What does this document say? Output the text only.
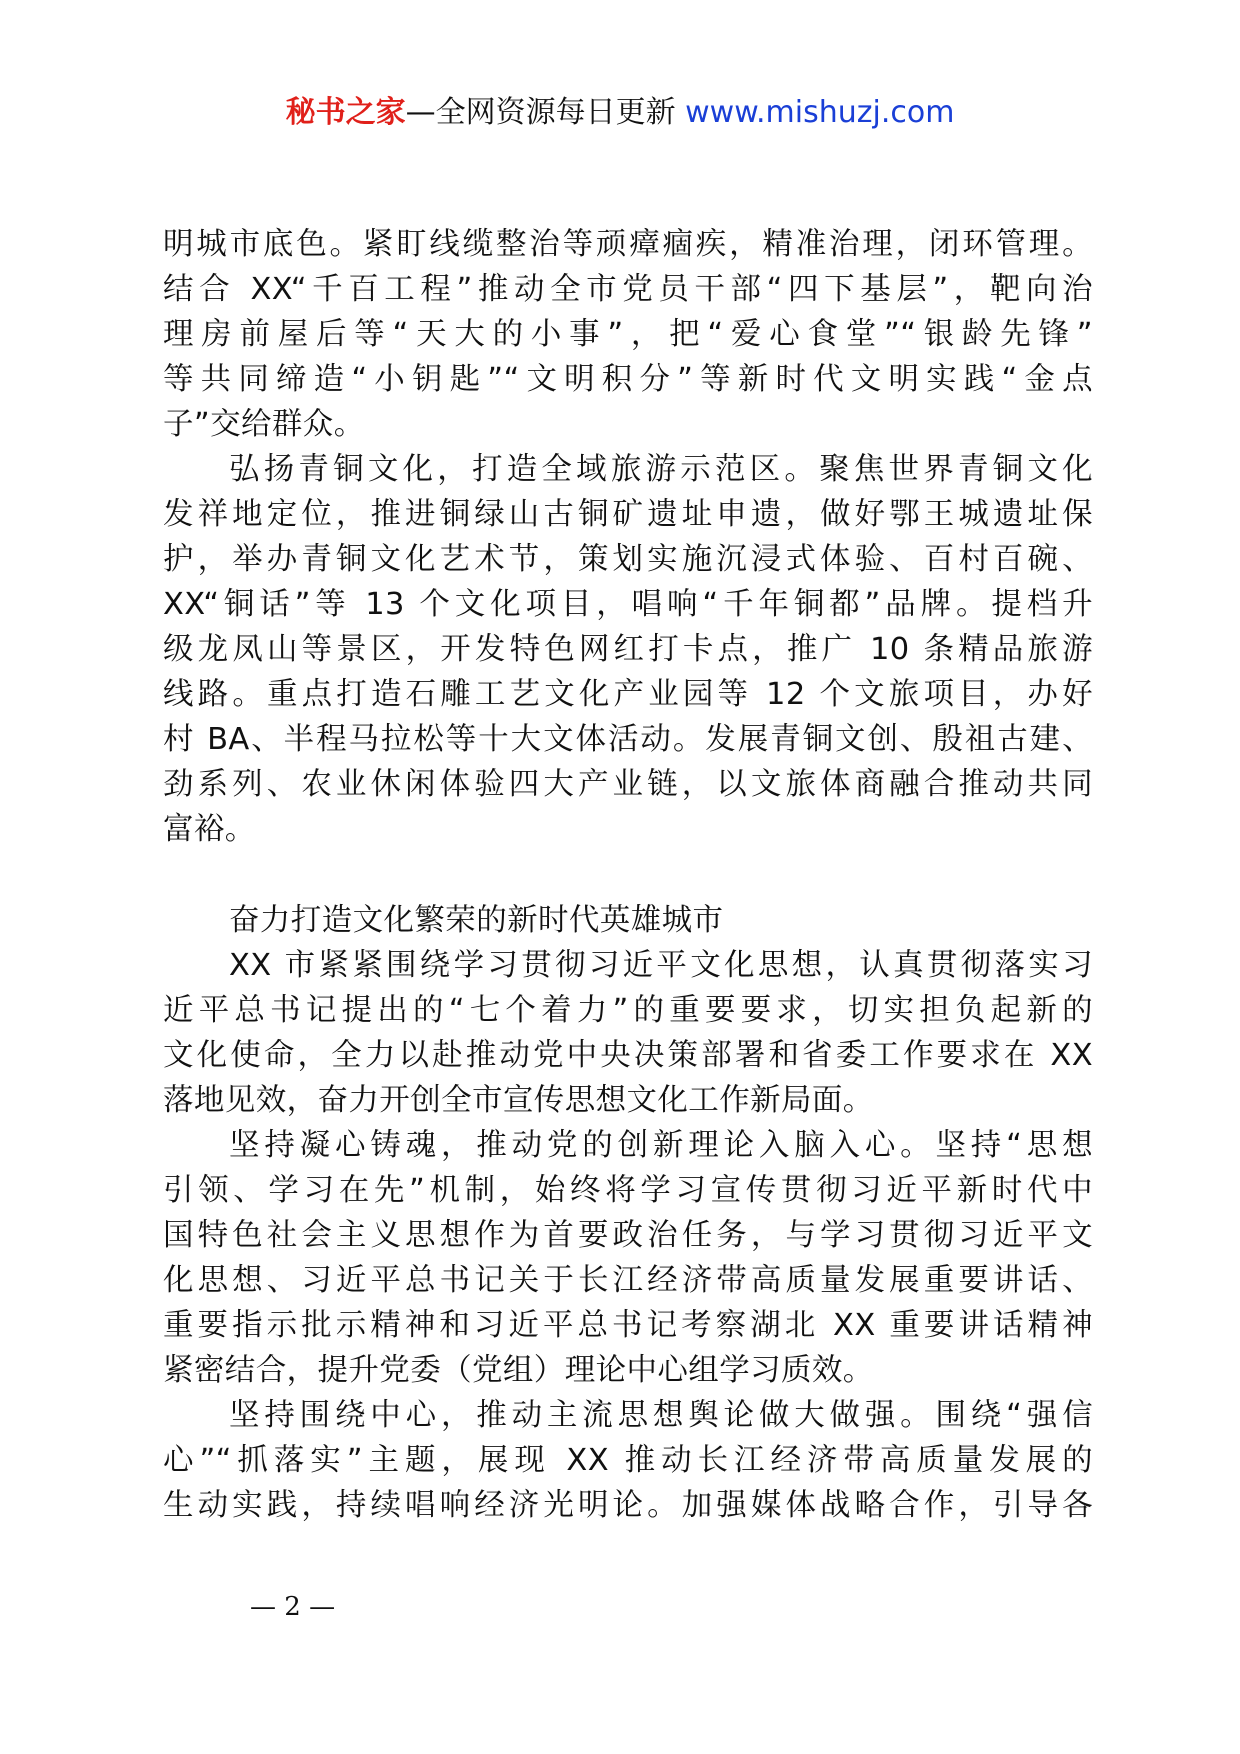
秘书之家—全网资源每日更新 www.mishuzj.com
明城市底色。紧盯线缆整治等顽瘴痼疾，精准治理，闭环管理。
结合 XX“千百工程”推动全市党员干部“四下基层”，靶向治
理房前屋后等“天大的小事”，把“爱心食堂”“银龄先锋”
等共同缔造“小钥匙”“文明积分”等新时代文明实践“金点
子”交给群众。
弘扬青铜文化，打造全域旅游示范区。聚焦世界青铜文化
发祥地定位，推进铜绿山古铜矿遗址申遗，做好鄂王城遗址保
护，举办青铜文化艺术节，策划实施沉浸式体验、百村百碗、
XX“铜话”等 13 个文化项目，唱响“千年铜都”品牌。提档升
级龙凤山等景区，开发特色网红打卡点，推广 10 条精品旅游
线路。重点打造石雕工艺文化产业园等 12 个文旅项目，办好
村 BA、半程马拉松等十大文体活动。发展青铜文创、殷祖古建、
劲系列、农业休闲体验四大产业链，以文旅体商融合推动共同
富裕。
奋力打造文化繁荣的新时代英雄城市
XX 市紧紧围绕学习贯彻习近平文化思想，认真贯彻落实习
近平总书记提出的“七个着力”的重要要求，切实担负起新的
文化使命，全力以赴推动党中央决策部署和省委工作要求在 XX
落地见效，奋力开创全市宣传思想文化工作新局面。
坚持凝心铸魂，推动党的创新理论入脑入心。坚持“思想
引领、学习在先”机制，始终将学习宣传贯彻习近平新时代中
国特色社会主义思想作为首要政治任务，与学习贯彻习近平文
化思想、习近平总书记关于长江经济带高质量发展重要讲话、
重要指示批示精神和习近平总书记考察湖北 XX 重要讲话精神
紧密结合，提升党委（党组）理论中心组学习质效。
坚持围绕中心，推动主流思想舆论做大做强。围绕“强信
心”“抓落实”主题，展现 XX 推动长江经济带高质量发展的
生动实践，持续唱响经济光明论。加强媒体战略合作，引导各
— 2 —
